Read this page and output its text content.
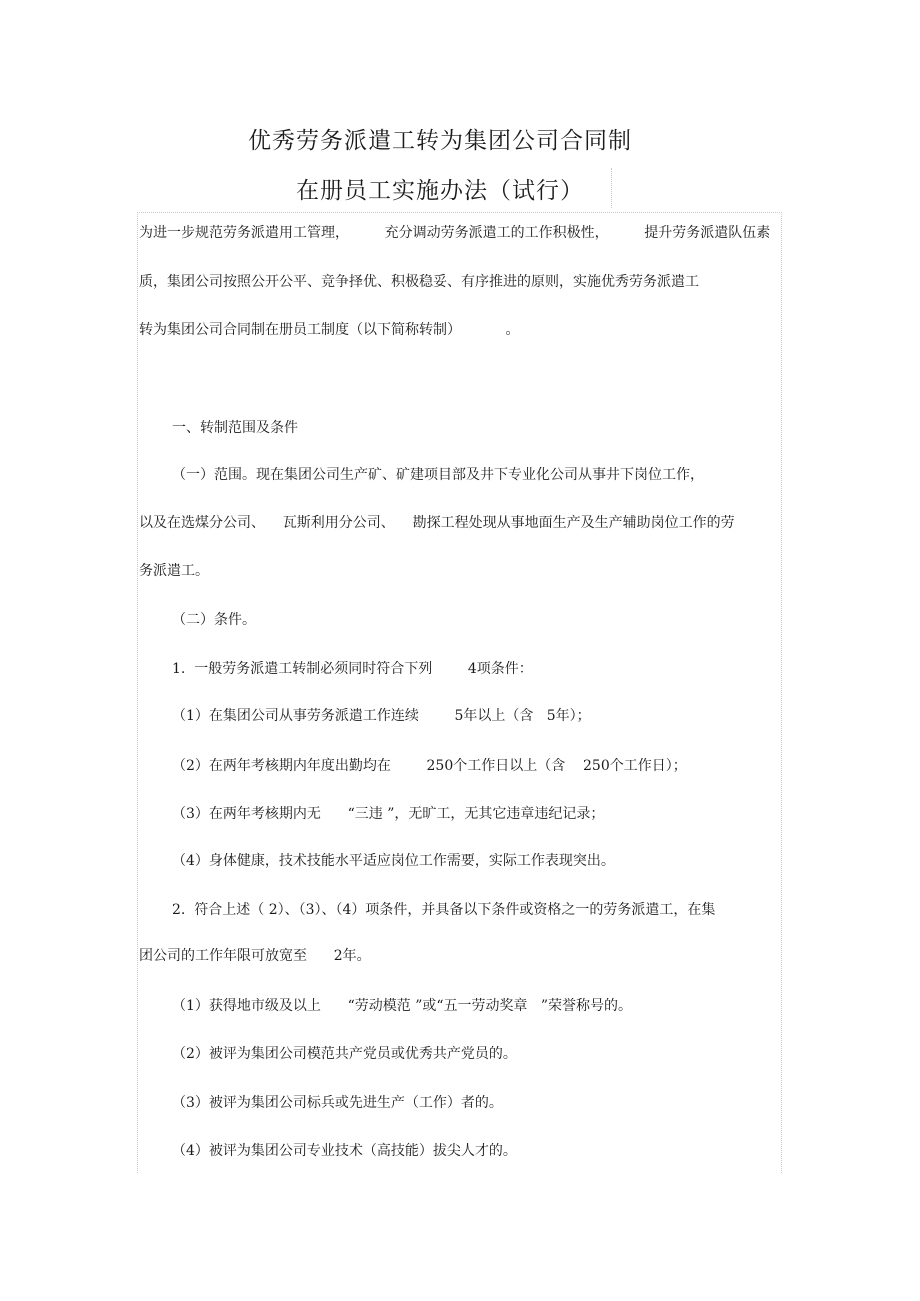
优秀劳务派遣工转为集团公司合同制
在册员工实施办法（试行）
为进一步规范劳务派遣用工管理，        充分调动劳务派遣工的工作积极性，        提升劳务派遣队伍素
质，集团公司按照公开公平、竞争择优、积极稳妥、有序推进的原则，实施优秀劳务派遣工
转为集团公司合同制在册员工制度（以下简称转制）          。
一、转制范围及条件
（一）范围。现在集团公司生产矿、矿建项目部及井下专业化公司从事井下岗位工作，
以及在选煤分公司、    瓦斯利用分公司、    勘探工程处现从事地面生产及生产辅助岗位工作的劳
务派遣工。
（二）条件。
1.  一般劳务派遣工转制必须同时符合下列        4项条件：
（1）在集团公司从事劳务派遣工作连续        5年以上（含   5年）；
（2）在两年考核期内年度出勤均在        250个工作日以上（含    250个工作日）；
（3）在两年考核期内无      “三违 ”，无旷工，无其它违章违纪记录；
（4）身体健康，技术技能水平适应岗位工作需要，实际工作表现突出。
2.  符合上述（ 2）、（3）、（4）项条件，并具备以下条件或资格之一的劳务派遣工，在集
团公司的工作年限可放宽至      2年。
（1）获得地市级及以上      “劳动模范 ”或“五一劳动奖章   ”荣誉称号的。
（2）被评为集团公司模范共产党员或优秀共产党员的。
（3）被评为集团公司标兵或先进生产（工作）者的。
（4）被评为集团公司专业技术（高技能）拔尖人才的。
